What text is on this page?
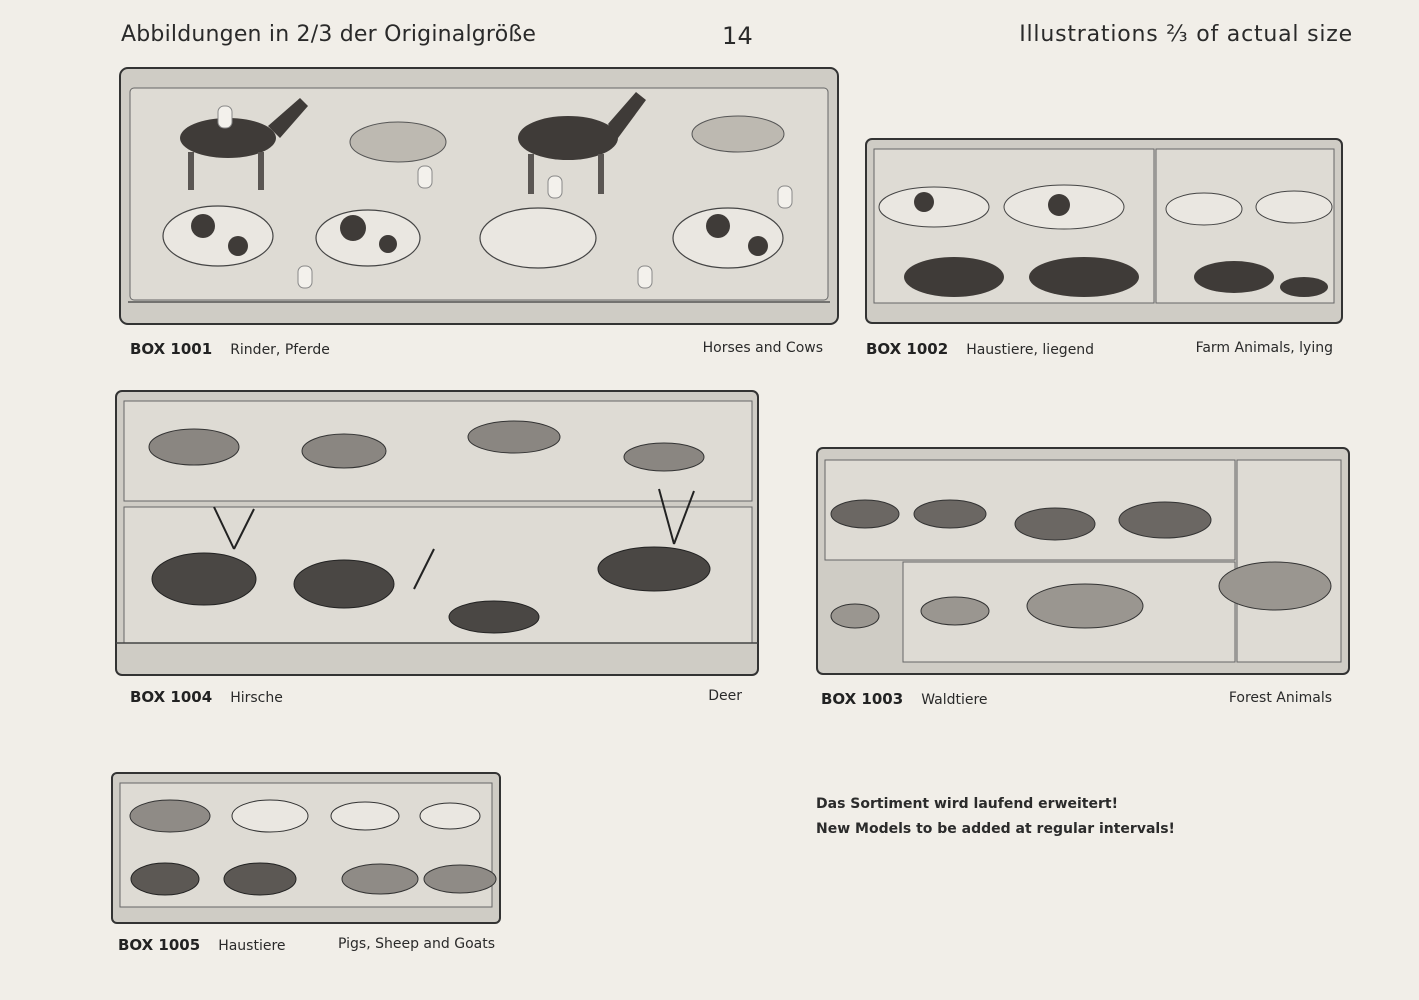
Abbildungen in 2/3 der Originalgröße	14	Illustrations ⅔ of actual size
BOX 1001 Rinder, Pferde	Horses and Cows	BOX 1002 Haustiere, liegend	Farm Animals, lying
BOX 1004 Hirsche	Deer	BOX 1003 Waldtiere	Forest Animals
BOX 1005 Haustiere	Pigs, Sheep and Goats
Das Sortiment wird laufend erweitert!
New Models to be added at regular intervals!
